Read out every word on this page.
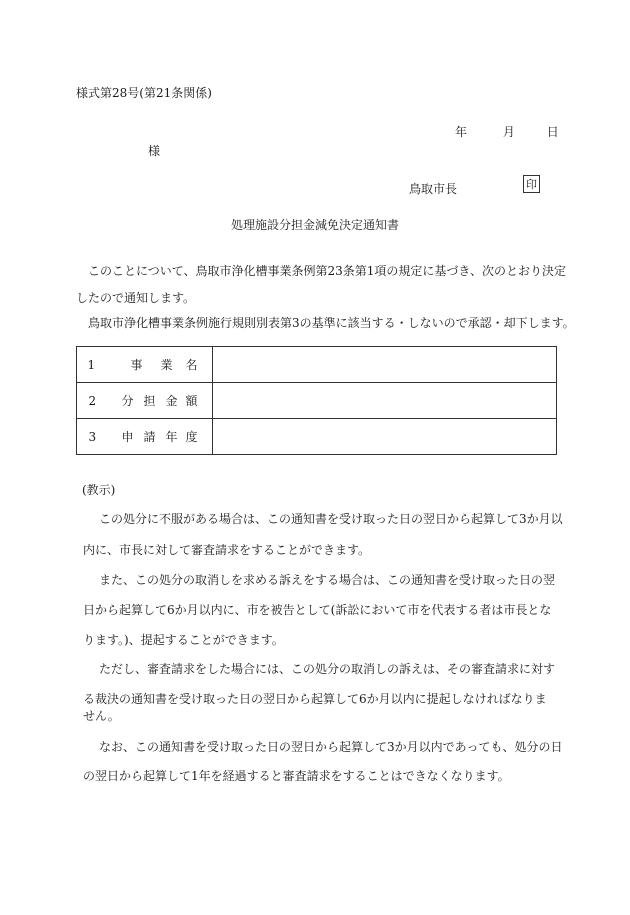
様式第28号(第21条関係)
年	月	日
様
鳥取市長	印
処理施設分担金減免決定通知書
このことについて、鳥取市浄化槽事業条例第23条第1項の規定に基づき、次のとおり決定
したので通知します。
鳥取市浄化槽事業条例施行規則別表第3の基準に該当する・しないので承認・却下します。
1 事 業 名	
2 分 担 金 額	
3 申 請 年 度	
(教示)
この処分に不服がある場合は、この通知書を受け取った日の翌日から起算して3か月以
内に、市長に対して審査請求をすることができます。
また、この処分の取消しを求める訴えをする場合は、この通知書を受け取った日の翌
日から起算して6か月以内に、市を被告として(訴訟において市を代表する者は市長とな
ります。)、提起することができます。
ただし、審査請求をした場合には、この処分の取消しの訴えは、その審査請求に対す
る裁決の通知書を受け取った日の翌日から起算して6か月以内に提起しなければなりま
せん。
なお、この通知書を受け取った日の翌日から起算して3か月以内であっても、処分の日
の翌日から起算して1年を経過すると審査請求をすることはできなくなります。
